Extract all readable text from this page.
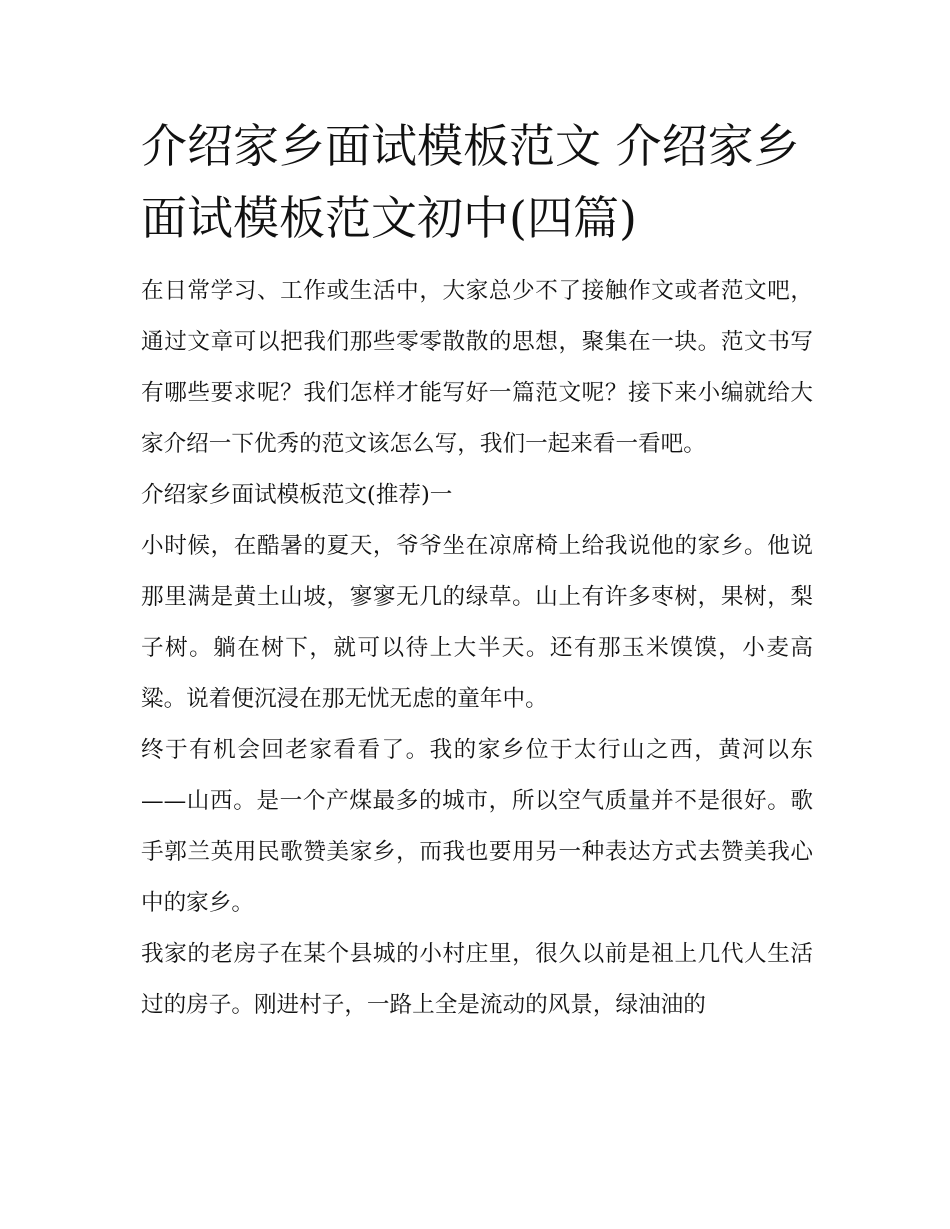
介绍家乡面试模板范文 介绍家乡面试模板范文初中(四篇)

在日常学习、工作或生活中，大家总少不了接触作文或者范文吧，通过文章可以把我们那些零零散散的思想，聚集在一块。范文书写有哪些要求呢？我们怎样才能写好一篇范文呢？接下来小编就给大家介绍一下优秀的范文该怎么写，我们一起来看一看吧。

介绍家乡面试模板范文(推荐)一

小时候，在酷暑的夏天，爷爷坐在凉席椅上给我说他的家乡。他说那里满是黄土山坡，寥寥无几的绿草。山上有许多枣树，果树，梨子树。躺在树下，就可以待上大半天。还有那玉米馍馍，小麦高粱。说着便沉浸在那无忧无虑的童年中。

终于有机会回老家看看了。我的家乡位于太行山之西，黄河以东——山西。是一个产煤最多的城市，所以空气质量并不是很好。歌手郭兰英用民歌赞美家乡，而我也要用另一种表达方式去赞美我心中的家乡。

我家的老房子在某个县城的小村庄里，很久以前是祖上几代人生活过的房子。刚进村子，一路上全是流动的风景，绿油油的
